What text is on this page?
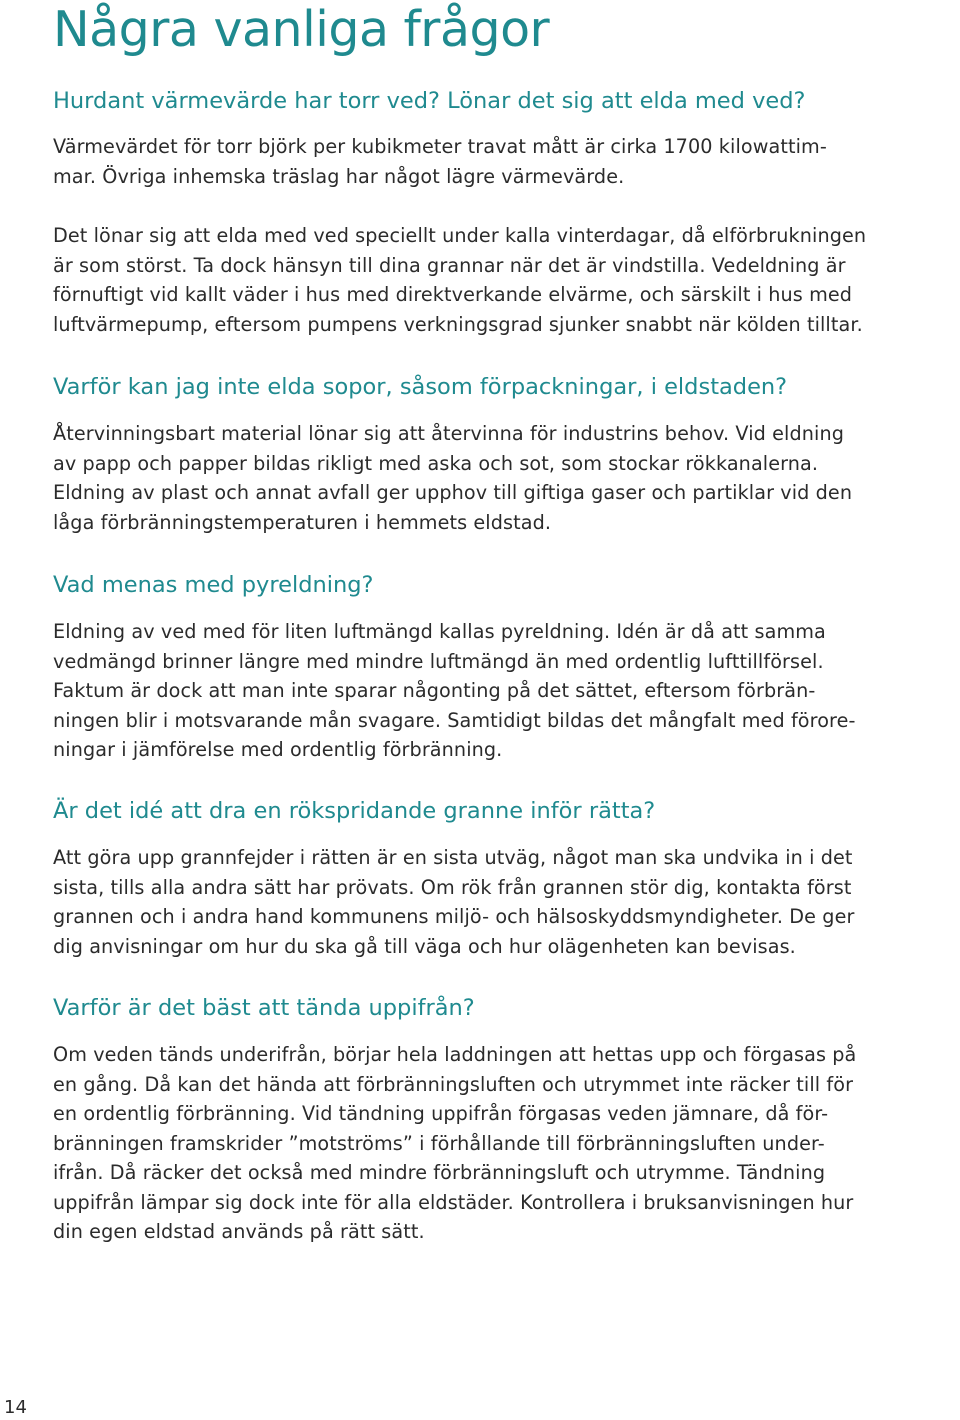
Några vanliga frågor
Hurdant värmevärde har torr ved? Lönar det sig att elda med ved?

Värmevärdet för torr björk per kubikmeter travat mått är cirka 1700 kilowattim-
mar. Övriga inhemska träslag har något lägre värmevärde.

Det lönar sig att elda med ved speciellt under kalla vinterdagar, då elförbrukningen
är som störst. Ta dock hänsyn till dina grannar när det är vindstilla. Vedeldning är
förnuftigt vid kallt väder i hus med direktverkande elvärme, och särskilt i hus med
luftvärmepump, eftersom pumpens verkningsgrad sjunker snabbt när kölden tilltar.

Varför kan jag inte elda sopor, såsom förpackningar, i eldstaden?

Återvinningsbart material lönar sig att återvinna för industrins behov. Vid eldning
av papp och papper bildas rikligt med aska och sot, som stockar rökkanalerna.
Eldning av plast och annat avfall ger upphov till giftiga gaser och partiklar vid den
låga förbränningstemperaturen i hemmets eldstad.

Vad menas med pyreldning?

Eldning av ved med för liten luftmängd kallas pyreldning. Idén är då att samma
vedmängd brinner längre med mindre luftmängd än med ordentlig lufttillförsel.
Faktum är dock att man inte sparar någonting på det sättet, eftersom förbrän-
ningen blir i motsvarande mån svagare. Samtidigt bildas det mångfalt med förore-
ningar i jämförelse med ordentlig förbränning.

Är det idé att dra en rökspridande granne inför rätta?

Att göra upp grannfejder i rätten är en sista utväg, något man ska undvika in i det
sista, tills alla andra sätt har prövats. Om rök från grannen stör dig, kontakta först
grannen och i andra hand kommunens miljö- och hälsoskyddsmyndigheter. De ger
dig anvisningar om hur du ska gå till väga och hur olägenheten kan bevisas.

Varför är det bäst att tända uppifrån?

Om veden tänds underifrån, börjar hela laddningen att hettas upp och förgasas på
en gång. Då kan det hända att förbränningsluften och utrymmet inte räcker till för
en ordentlig förbränning. Vid tändning uppifrån förgasas veden jämnare, då för-
bränningen framskrider ”motströms” i förhållande till förbränningsluften under-
ifrån. Då räcker det också med mindre förbränningsluft och utrymme. Tändning
uppifrån lämpar sig dock inte för alla eldstäder. Kontrollera i bruksanvisningen hur
din egen eldstad används på rätt sätt.

14
